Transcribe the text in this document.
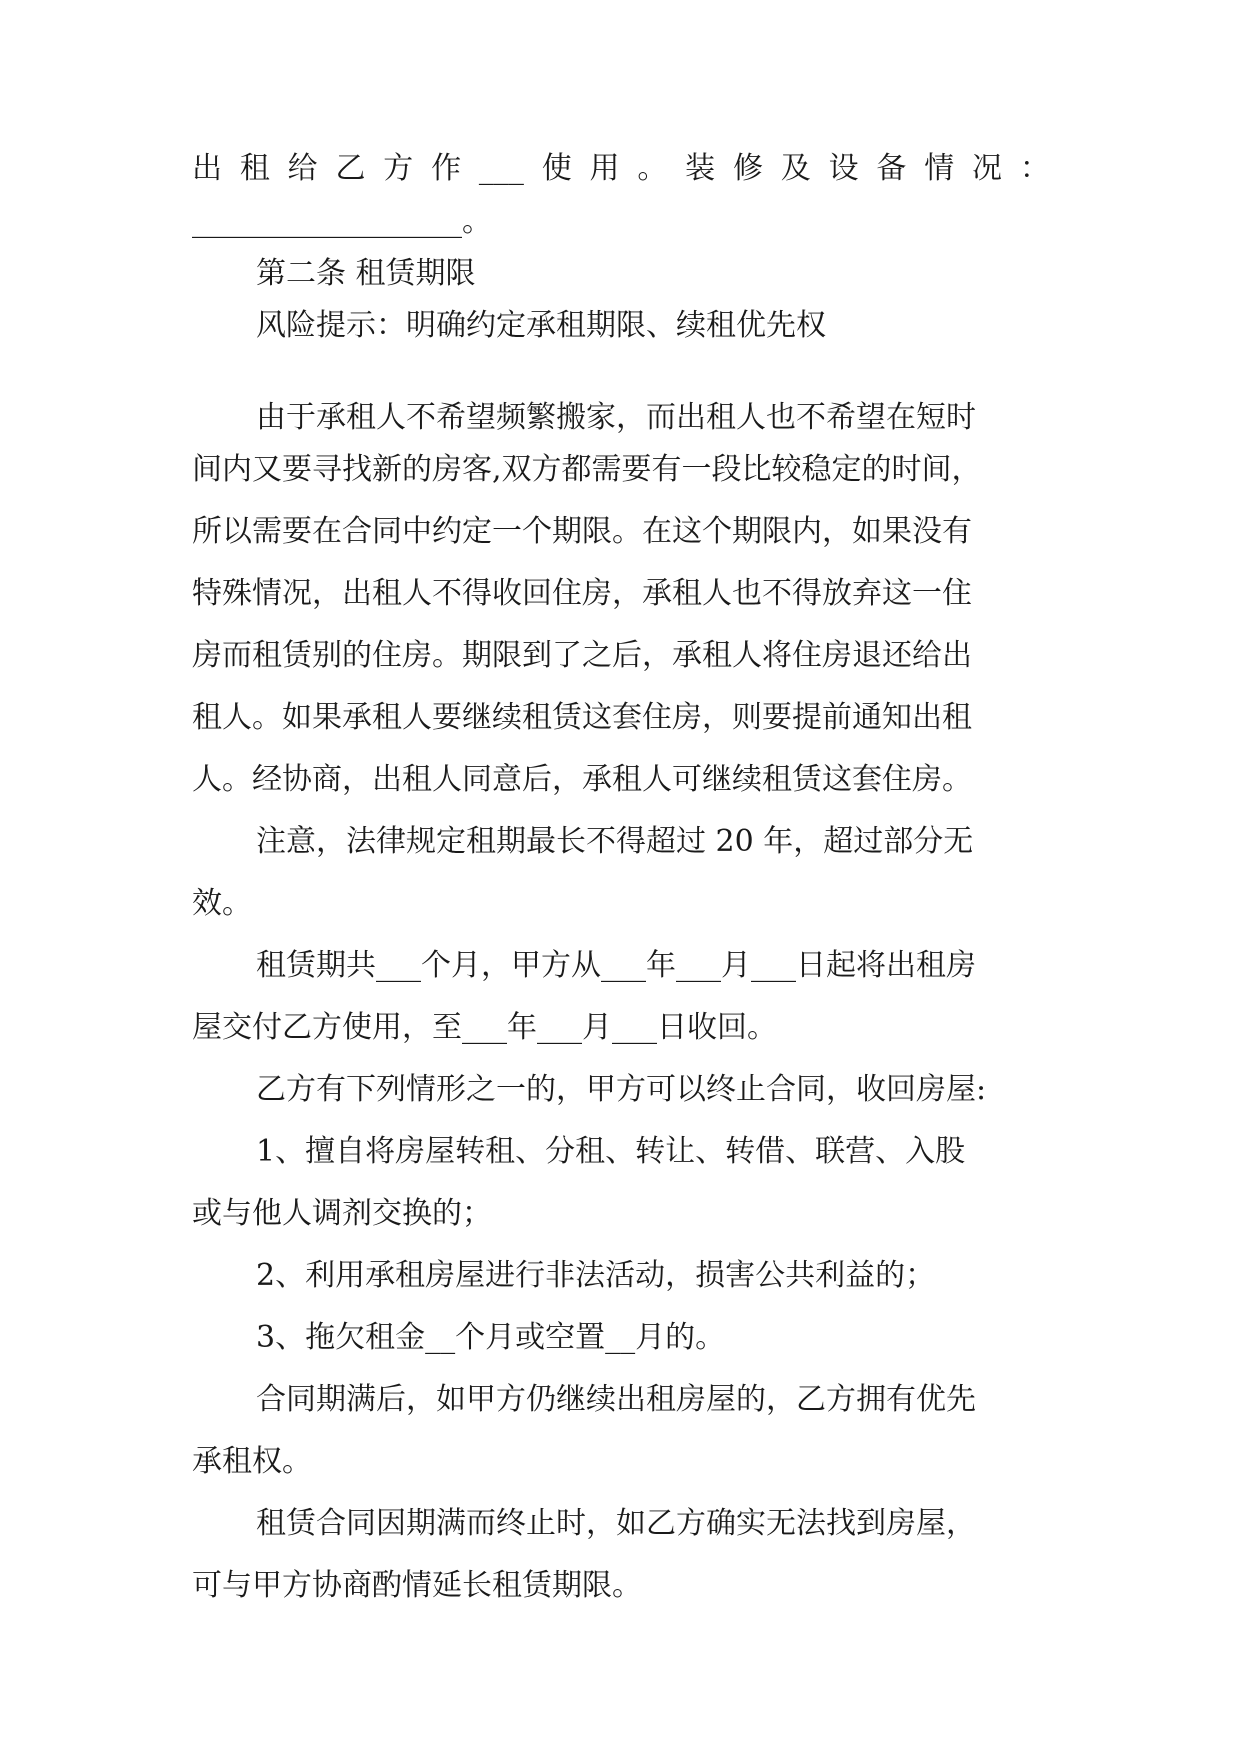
出 租 给 乙 方 作 ___ 使 用 。 装 修 及 设 备 情 况 ：
__________________。
第二条 租赁期限
风险提示：明确约定承租期限、续租优先权
由于承租人不希望频繁搬家，而出租人也不希望在短时
间内又要寻找新的房客,双方都需要有一段比较稳定的时间，
所以需要在合同中约定一个期限。在这个期限内，如果没有
特殊情况，出租人不得收回住房，承租人也不得放弃这一住
房而租赁别的住房。期限到了之后，承租人将住房退还给出
租人。如果承租人要继续租赁这套住房，则要提前通知出租
人。经协商，出租人同意后，承租人可继续租赁这套住房。
注意，法律规定租期最长不得超过 20 年，超过部分无
效。
租赁期共___个月，甲方从___年___月___日起将出租房
屋交付乙方使用，至___年___月___日收回。
乙方有下列情形之一的，甲方可以终止合同，收回房屋:
1、擅自将房屋转租、分租、转让、转借、联营、入股
或与他人调剂交换的；
2、利用承租房屋进行非法活动，损害公共利益的；
3、拖欠租金__个月或空置__月的。
合同期满后，如甲方仍继续出租房屋的，乙方拥有优先
承租权。
租赁合同因期满而终止时，如乙方确实无法找到房屋，
可与甲方协商酌情延长租赁期限。
